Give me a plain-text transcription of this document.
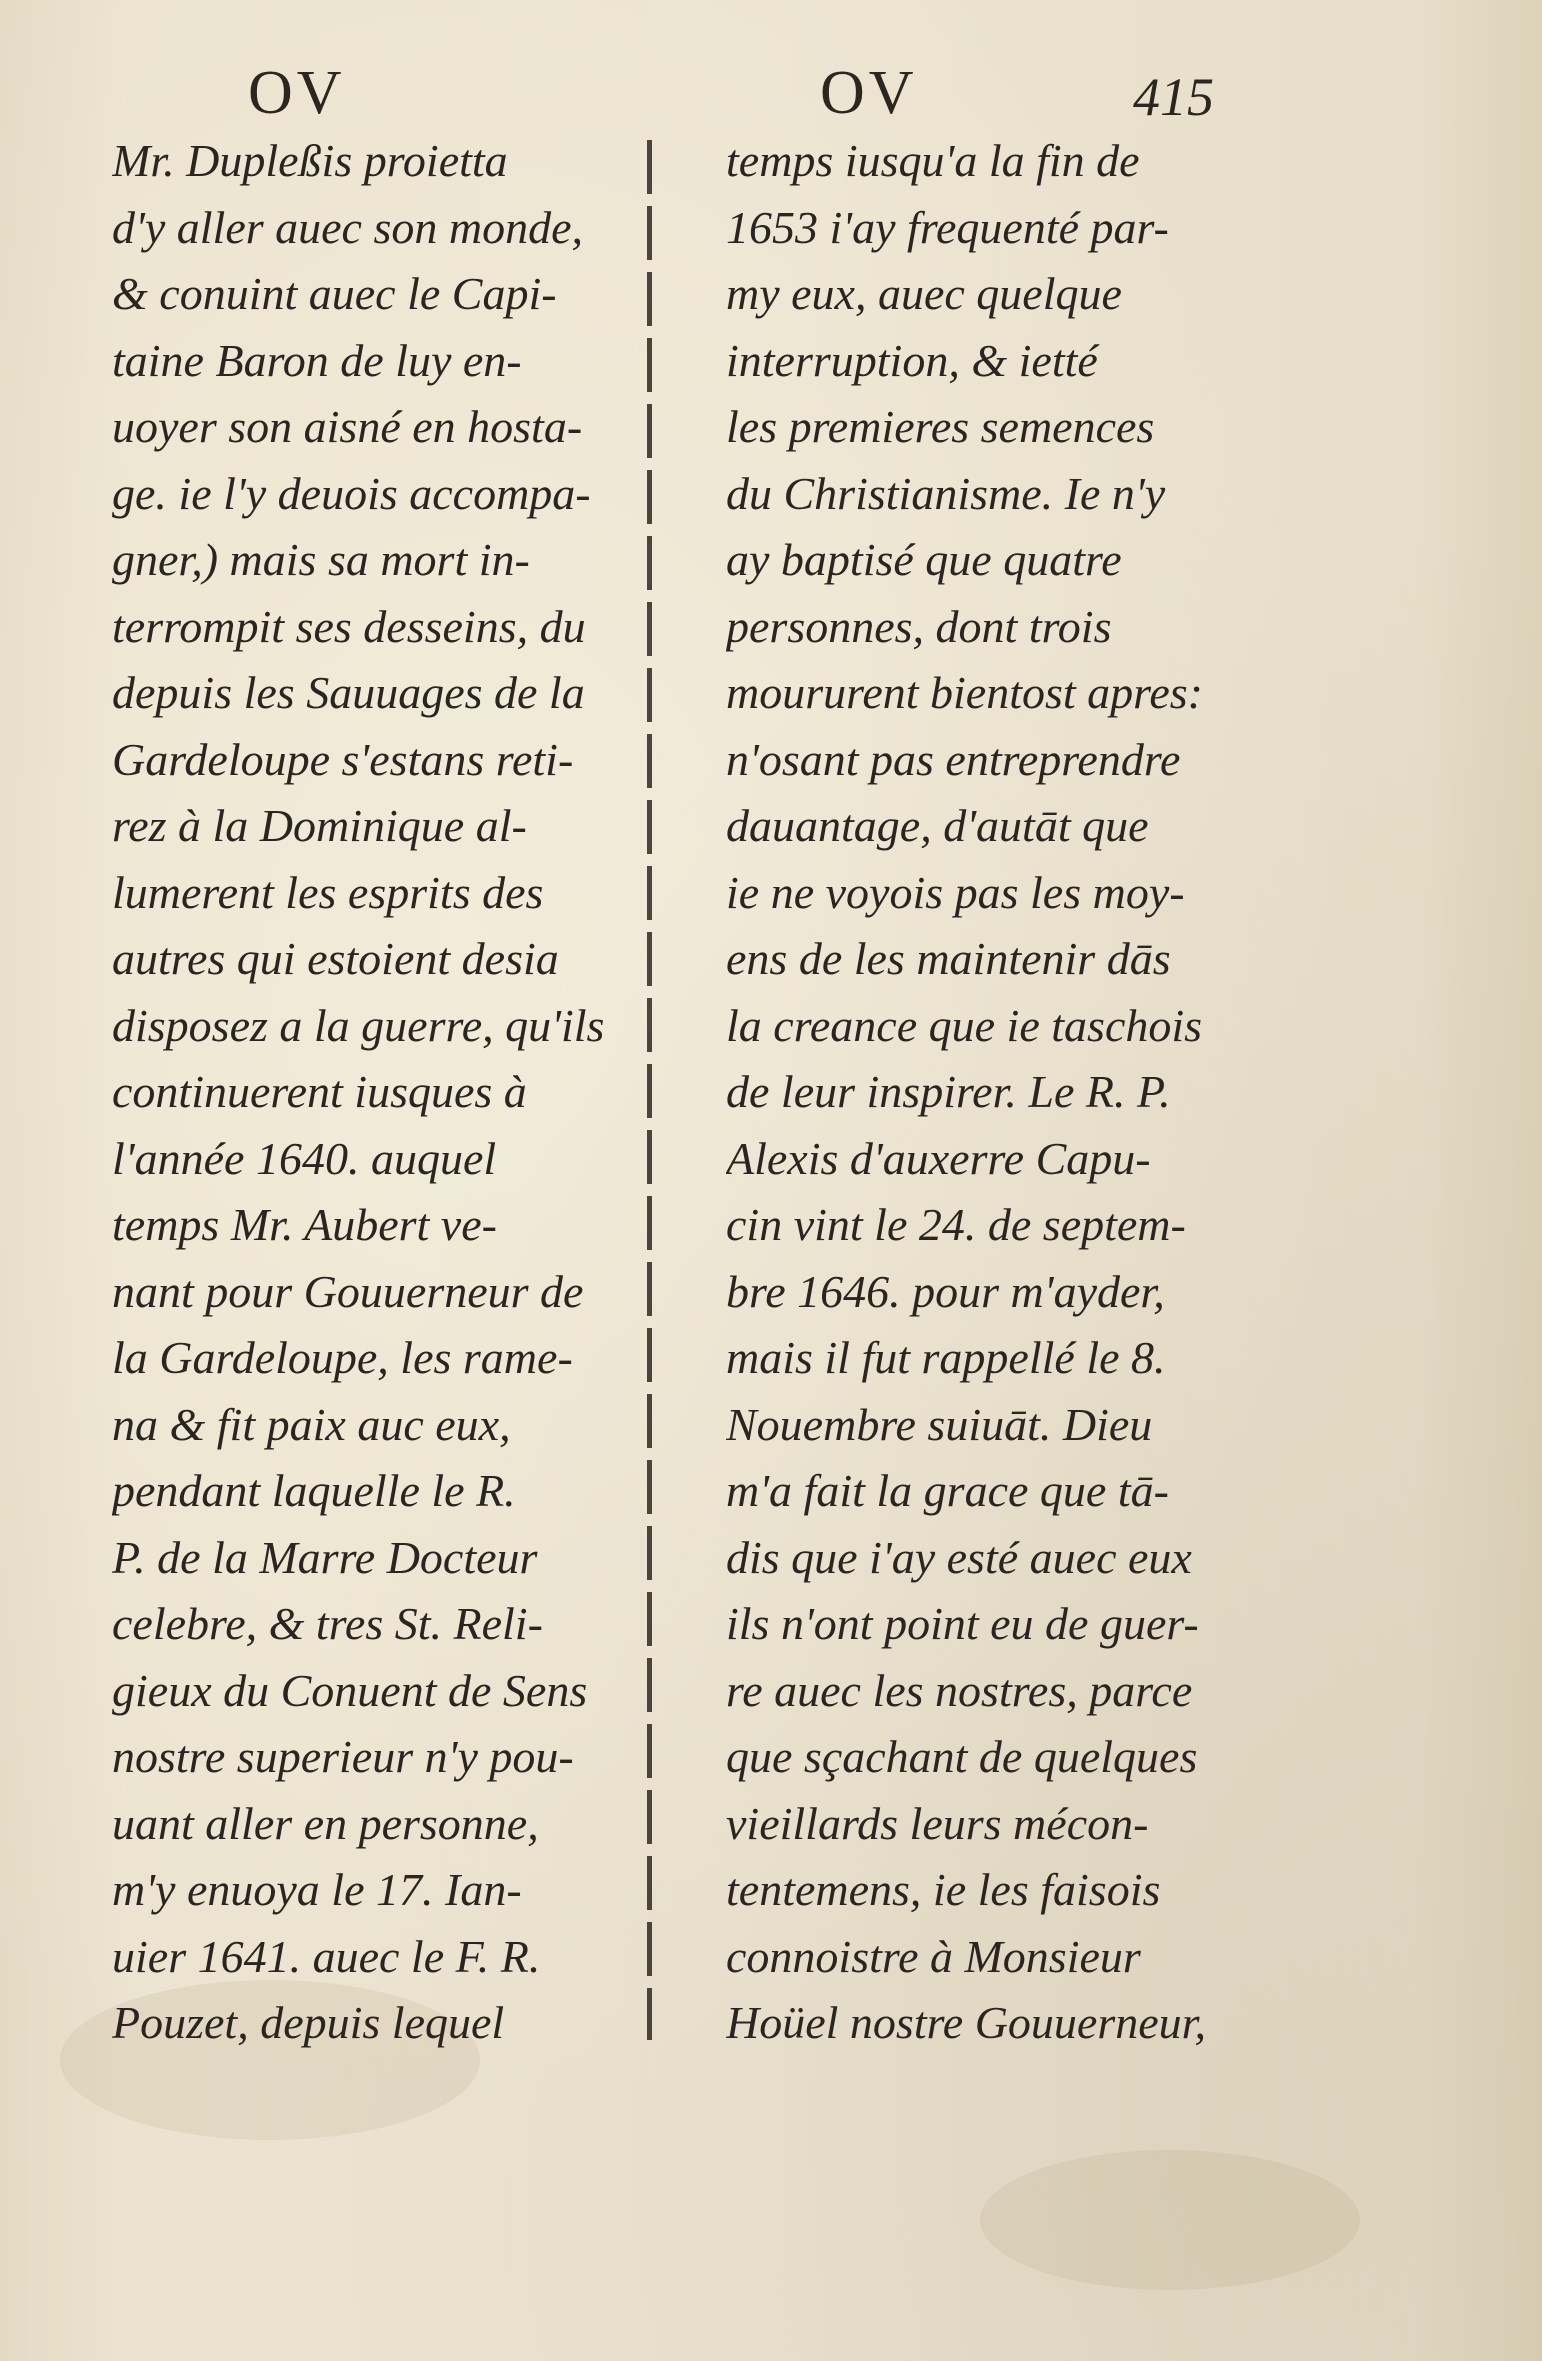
OV	OV	415
Mr. Dupleßis proietta
d'y aller auec son monde,
& conuint auec le Capi-
taine Baron de luy en-
uoyer son aisné en hosta-
ge. ie l'y deuois accompa-
gner,) mais sa mort in-
terrompit ses desseins, du
depuis les Sauuages de la
Gardeloupe s'estans reti-
rez à la Dominique al-
lumerent les esprits des
autres qui estoient desia
disposez a la guerre, qu'ils
continuerent iusques à
l'année 1640. auquel
temps Mr. Aubert ve-
nant pour Gouuerneur de
la Gardeloupe, les rame-
na & fit paix auc eux,
pendant laquelle le R.
P. de la Marre Docteur
celebre, & tres St. Reli-
gieux du Conuent de Sens
nostre superieur n'y pou-
uant aller en personne,
m'y enuoya le 17. Ian-
uier 1641. auec le F. R.
Pouzet, depuis lequel
temps iusqu'a la fin de
1653 i'ay frequenté par-
my eux, auec quelque
interruption, & ietté
les premieres semences
du Christianisme. Ie n'y
ay baptisé que quatre
personnes, dont trois
moururent bientost apres:
n'osant pas entreprendre
dauantage, d'autāt que
ie ne voyois pas les moy-
ens de les maintenir dās
la creance que ie taschois
de leur inspirer. Le R. P.
Alexis d'auxerre Capu-
cin vint le 24. de septem-
bre 1646. pour m'ayder,
mais il fut rappellé le 8.
Nouembre suiuāt. Dieu
m'a fait la grace que tā-
dis que i'ay esté auec eux
ils n'ont point eu de guer-
re auec les nostres, parce
que sçachant de quelques
vieillards leurs mécon-
tentemens, ie les faisois
connoistre à Monsieur
Hoüel nostre Gouuerneur,
